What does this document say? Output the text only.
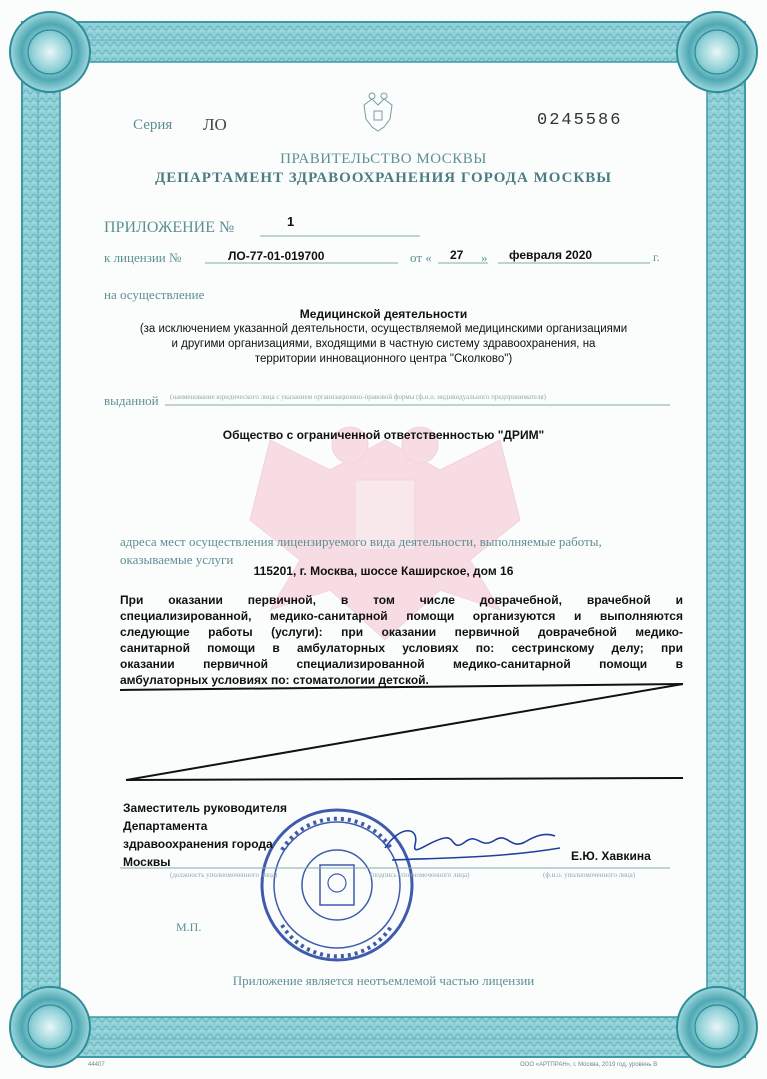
Серия ЛО	0245586
ПРАВИТЕЛЬСТВО МОСКВЫ
ДЕПАРТАМЕНТ ЗДРАВООХРАНЕНИЯ ГОРОДА МОСКВЫ
ПРИЛОЖЕНИЕ №	1
к лицензии №	ЛО-77-01-019700	от « 27 » февраля 2020	г.
на осуществление
Медицинской деятельности
(за исключением указанной деятельности, осуществляемой медицинскими организациями
и другими организациями, входящими в частную систему здравоохранения, на
территории инновационного центра "Сколково")
выданной (наименование юридического лица с указанием организационно-правовой формы (ф.и.о. индивидуального предпринимателя)
Общество с ограниченной ответственностью "ДРИМ"
адреса мест осуществления лицензируемого вида деятельности, выполняемые работы,
оказываемые услуги
115201, г. Москва, шоссе Каширское, дом 16
При оказании первичной, в том числе доврачебной, врачебной и
специализированной, медико-санитарной помощи организуются и выполняются
следующие работы (услуги): при оказании первичной доврачебной медико-
санитарной помощи в амбулаторных условиях по: сестринскому делу; при
оказании первичной специализированной медико-санитарной помощи в
амбулаторных условиях по: стоматологии детской.
Заместитель руководителя
Департамента
здравоохранения города
Москвы	Е.Ю. Хавкина
(должность уполномоченного лица)	(подпись уполномоченного лица)	(ф.и.о. уполномоченного лица)
М.П.
Приложение является неотъемлемой частью лицензии
44407	ООО «АРТПРАН», г. Москва, 2019 год, уровень В
